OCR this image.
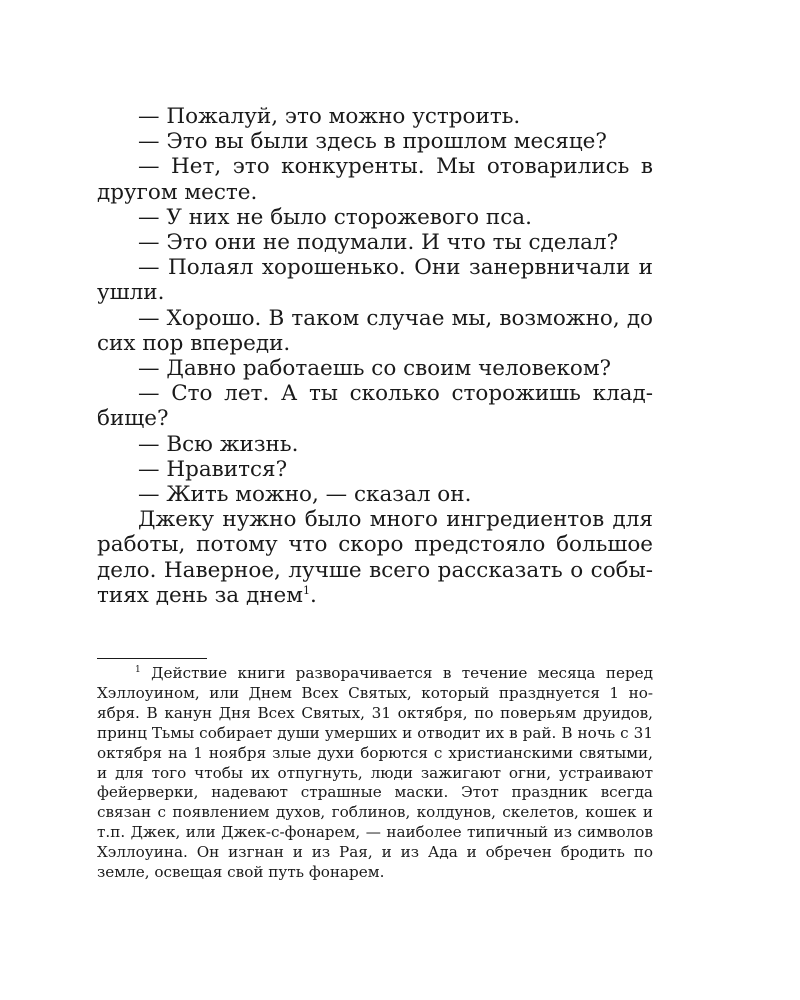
— Пожалуй, это можно устроить.

— Это вы были здесь в прошлом месяце?

— Нет, это конкуренты. Мы отоварились в другом месте.

— У них не было сторожевого пса.

— Это они не подумали. И что ты сделал?

— Полаял хорошенько. Они занервничали и ушли.

— Хорошо. В таком случае мы, возможно, до сих пор впереди.

— Давно работаешь со своим человеком?

— Сто лет. А ты сколько сторожишь кладбище?

— Всю жизнь.

— Нравится?

— Жить можно, — сказал он.

Джеку нужно было много ингредиентов для работы, потому что скоро предстояло большое дело. Наверное, лучше всего рассказать о событиях день за днем$^1$.

$^1$ Действие книги разворачивается в течение месяца перед Хэллоуином, или Днем Всех Святых, который празднуется 1 ноября. В канун Дня Всех Святых, 31 октября, по поверьям друидов, принц Тьмы собирает души умерших и отводит их в рай. В ночь с 31 октября на 1 ноября злые духи борются с христианскими святыми, и для того чтобы их отпугнуть, люди зажигают огни, устраивают фейерверки, надевают страшные маски. Этот праздник всегда связан с появлением духов, гоблинов, колдунов, скелетов, кошек и т.п. Джек, или Джек-с-фонарем, — наиболее типичный из символов Хэллоуина. Он изгнан и из Рая, и из Ада и обречен бродить по земле, освещая свой путь фонарем.
